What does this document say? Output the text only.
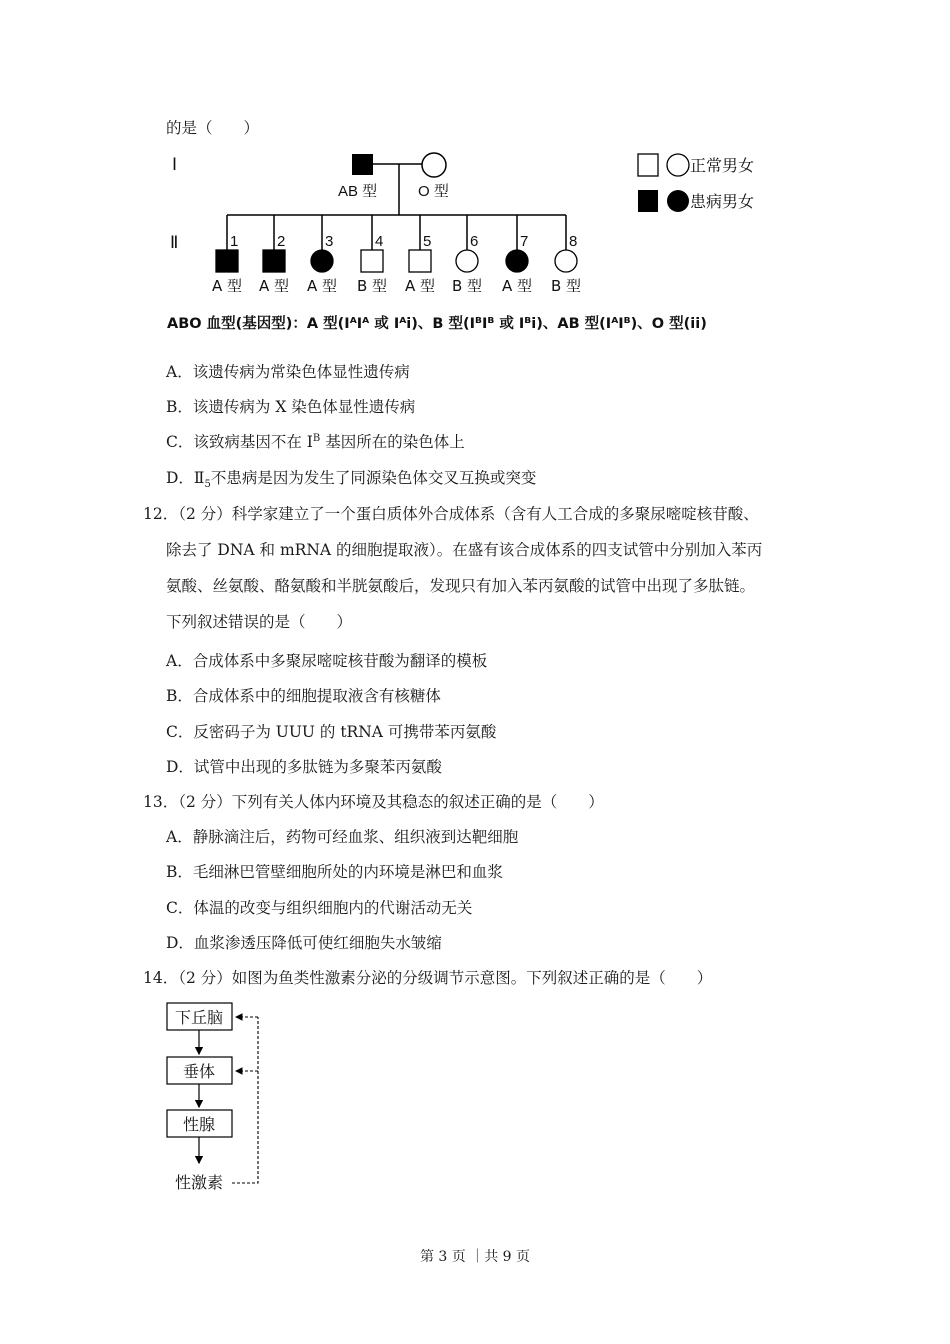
的是（　　）
Ⅰ
Ⅱ
AB 型	O 型
1
A 型
2
A 型
3
A 型
4
B 型
5
A 型
6
B 型
7
A 型
8
B 型
正常男女
患病男女
ABO 血型(基因型)：A 型(IᴬIᴬ 或 Iᴬi)、B 型(IᴮIᴮ 或 Iᴮi)、AB 型(IᴬIᴮ)、O 型(ii)
A．该遗传病为常染色体显性遗传病
B．该遗传病为 X 染色体显性遗传病
C．该致病基因不在 $I^B$ 基因所在的染色体上
D．$Ⅱ_5$不患病是因为发生了同源染色体交叉互换或突变
12．（2 分）科学家建立了一个蛋白质体外合成体系（含有人工合成的多聚尿嘧啶核苷酸、
除去了 DNA 和 mRNA 的细胞提取液）。在盛有该合成体系的四支试管中分别加入苯丙
氨酸、丝氨酸、酪氨酸和半胱氨酸后，发现只有加入苯丙氨酸的试管中出现了多肽链。
下列叙述错误的是（　　）
A．合成体系中多聚尿嘧啶核苷酸为翻译的模板
B．合成体系中的细胞提取液含有核糖体
C．反密码子为 UUU 的 tRNA 可携带苯丙氨酸
D．试管中出现的多肽链为多聚苯丙氨酸
13．（2 分）下列有关人体内环境及其稳态的叙述正确的是（　　）
A．静脉滴注后，药物可经血浆、组织液到达靶细胞
B．毛细淋巴管壁细胞所处的内环境是淋巴和血浆
C．体温的改变与组织细胞内的代谢活动无关
D．血浆渗透压降低可使红细胞失水皱缩
14．（2 分）如图为鱼类性激素分泌的分级调节示意图。下列叙述正确的是（　　）
下丘脑
垂体
性腺
性激素
第 3 页 ｜共 9 页
